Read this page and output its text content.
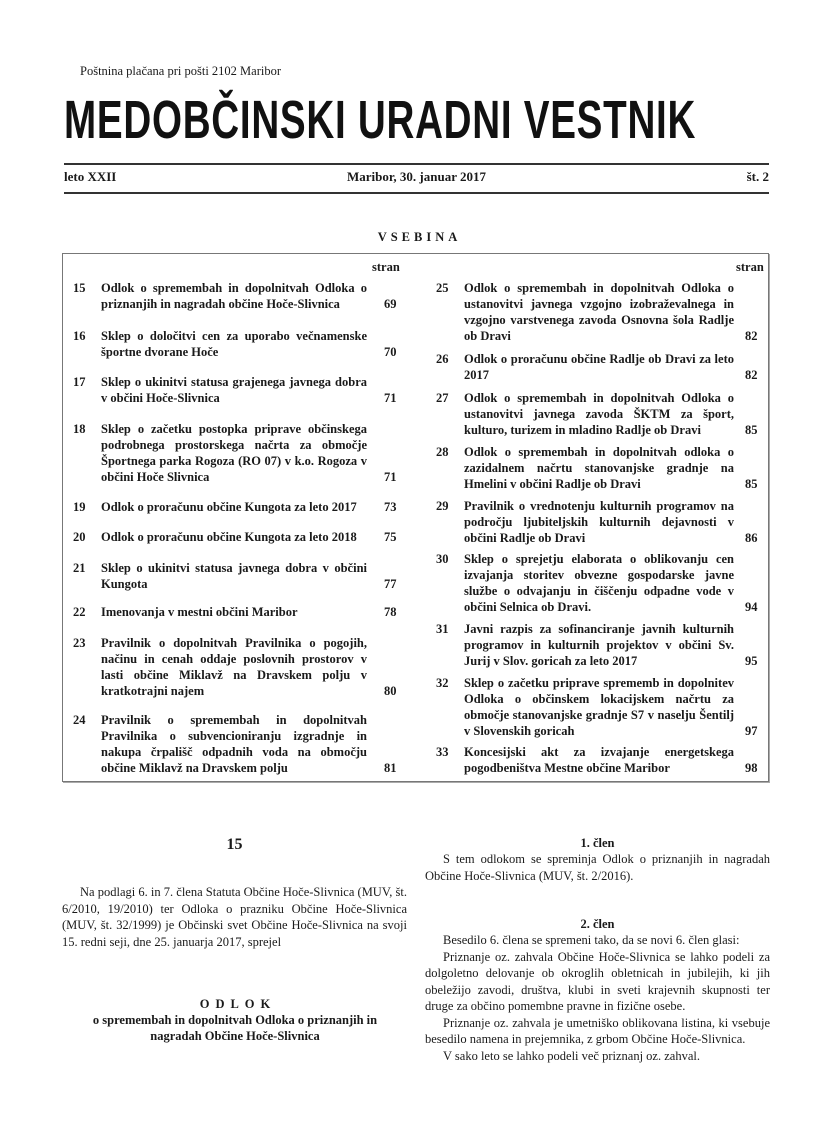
Poštnina plačana pri pošti 2102 Maribor
MEDOBČINSKI URADNI VESTNIK
leto XXII	Maribor, 30. januar 2017	št. 2
VSEBINA
stran	stran
15 Odlok o spremembah in dopolnitvah Odloka o priznanjih in nagradah občine Hoče-Slivnica	69
16 Sklep o določitvi cen za uporabo večnamenske športne dvorane Hoče	70
17 Sklep o ukinitvi statusa grajenega javnega dobra v občini Hoče-Slivnica	71
18 Sklep o začetku postopka priprave občinskega podrobnega prostorskega načrta za območje Športnega parka Rogoza (RO 07) v k.o. Rogoza v občini Hoče Slivnica	71
19 Odlok o proračunu občine Kungota za leto 2017	73
20 Odlok o proračunu občine Kungota za leto 2018	75
21 Sklep o ukinitvi statusa javnega dobra v občini Kungota	77
22 Imenovanja v mestni občini Maribor	78
23 Pravilnik o dopolnitvah Pravilnika o pogojih, načinu in cenah oddaje poslovnih prostorov v lasti občine Miklavž na Dravskem polju v kratkotrajni najem	80
24 Pravilnik o spremembah in dopolnitvah Pravilnika o subvencioniranju izgradnje in nakupa črpališč odpadnih voda na območju občine Miklavž na Dravskem polju	81
25 Odlok o spremembah in dopolnitvah Odloka o ustanovitvi javnega vzgojno izobraževalnega in vzgojno varstvenega zavoda Osnovna šola Radlje ob Dravi	82
26 Odlok o proračunu občine Radlje ob Dravi za leto 2017	82
27 Odlok o spremembah in dopolnitvah Odloka o ustanovitvi javnega zavoda ŠKTM za šport, kulturo, turizem in mladino Radlje ob Dravi	85
28 Odlok o spremembah in dopolnitvah odloka o zazidalnem načrtu stanovanjske gradnje na Hmelini v občini Radlje ob Dravi	85
29 Pravilnik o vrednotenju kulturnih programov na področju ljubiteljskih kulturnih dejavnosti v občini Radlje ob Dravi	86
30 Sklep o sprejetju elaborata o oblikovanju cen izvajanja storitev obvezne gospodarske javne službe o odvajanju in čiščenju odpadne vode v občini Selnica ob Dravi.	94
31 Javni razpis za sofinanciranje javnih kulturnih programov in kulturnih projektov v občini Sv. Jurij v Slov. goricah za leto 2017	95
32 Sklep o začetku priprave sprememb in dopolnitev Odloka o občinskem lokacijskem načrtu za območje stanovanjske gradnje S7 v naselju Šentilj v Slovenskih goricah	97
33 Koncesijski akt za izvajanje energetskega pogodbeništva Mestne občine Maribor	98
15

Na podlagi 6. in 7. člena Statuta Občine Hoče-Slivnica (MUV, št. 6/2010, 19/2010) ter Odloka o prazniku Občine Hoče-Slivnica (MUV, št. 32/1999) je Občinski svet Občine Hoče-Slivnica na svoji 15. redni seji, dne 25. januarja 2017, sprejel

ODLOK
o spremembah in dopolnitvah Odloka o priznanjih in nagradah Občine Hoče-Slivnica
1. člen

S tem odlokom se spreminja Odlok o priznanjih in nagradah Občine Hoče-Slivnica (MUV, št. 2/2016).

2. člen

Besedilo 6. člena se spremeni tako, da se novi 6. člen glasi:

Priznanje oz. zahvala Občine Hoče-Slivnica se lahko podeli za dolgoletno delovanje ob okroglih obletnicah in jubilejih, ki jih obeležijo zavodi, društva, klubi in sveti krajevnih skupnosti ter druge za občino pomembne pravne in fizične osebe.

Priznanje oz. zahvala je umetniško oblikovana listina, ki vsebuje besedilo namena in prejemnika, z grbom Občine Hoče-Slivnica.

V sako leto se lahko podeli več priznanj oz. zahval.
